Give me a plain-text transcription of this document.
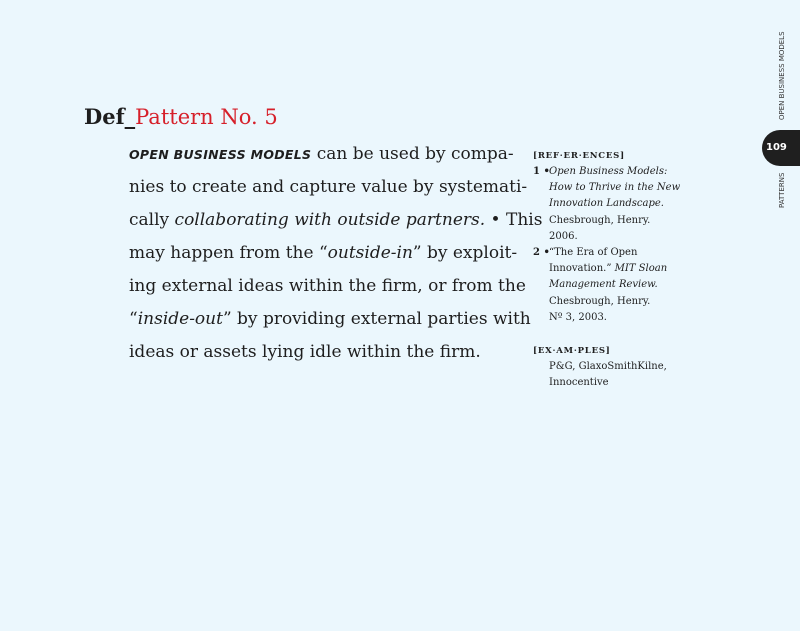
Def_Pattern No. 5
OPEN BUSINESS MODELS can be used by compa-
nies to create and capture value by systemati-
cally collaborating with outside partners. • This
may happen from the “outside-in” by exploit-
ing external ideas within the firm, or from the
“inside-out” by providing external parties with
ideas or assets lying idle within the firm.
[REF·ER·ENCES]
1 • Open Business Models:
How to Thrive in the New
Innovation Landscape.
Chesbrough, Henry.
2006.
2 • “The Era of Open
Innovation.” MIT Sloan
Management Review.
Chesbrough, Henry.
Nº 3, 2003.
[EX·AM·PLES]
P&G, GlaxoSmithKilne,
Innocentive
OPEN BUSINESS MODELS
109
PATTERNS
